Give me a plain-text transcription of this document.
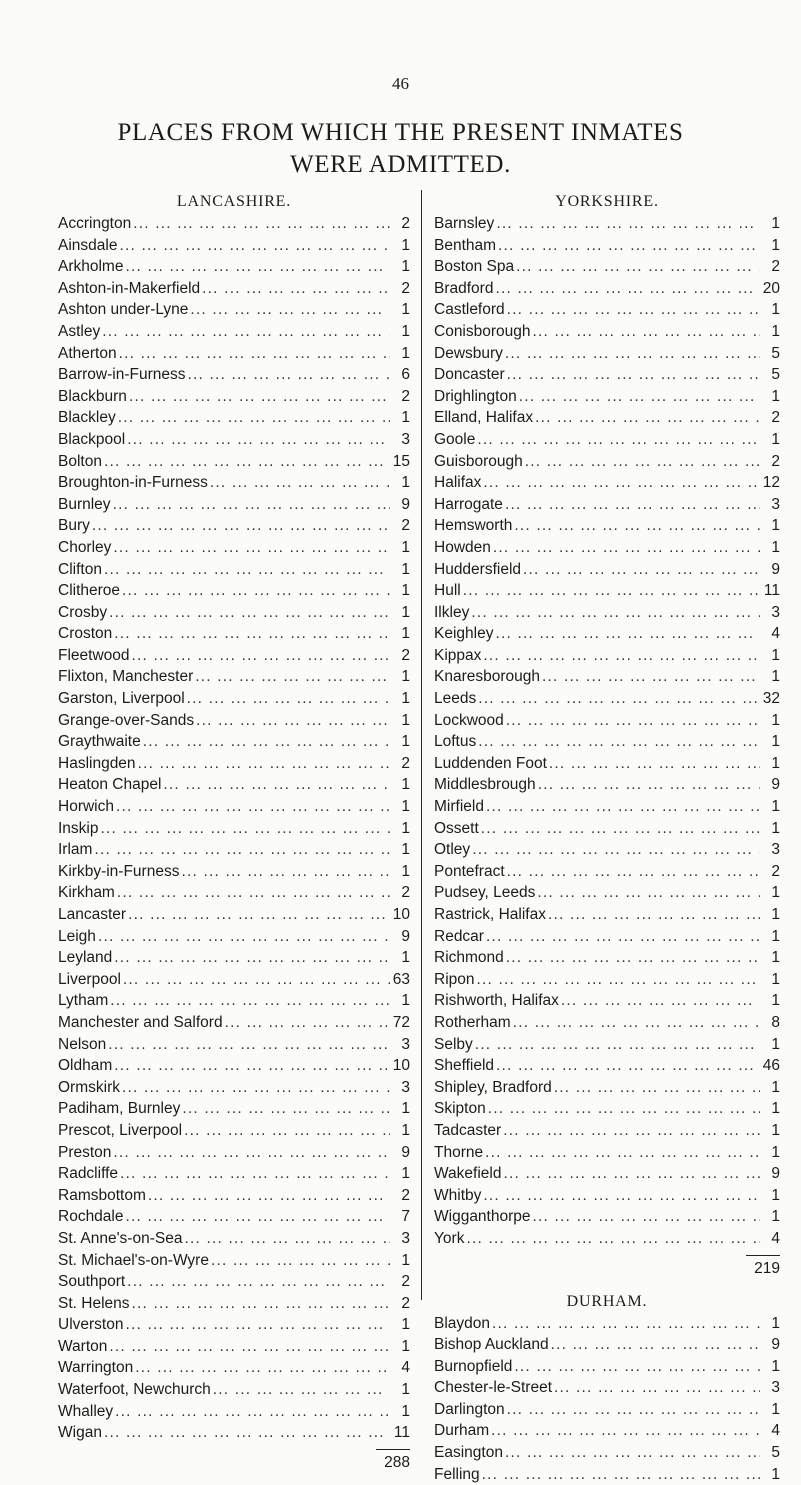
46
PLACES FROM WHICH THE PRESENT INMATES
WERE ADMITTED.
LANCASHIRE.
Accrington ... .	2
Ainsdale ... .	1
Arkholme ... .	1
Ashton-in-Makerfield ... .	2
Ashton under-Lyne ... .	1
Astley ... .	1
Atherton ... .	1
Barrow-in-Furness ... .	6
Blackburn ... .	2
Blackley ... .	1
Blackpool ... .	3
Bolton ... .	15
Broughton-in-Furness ... .	1
Burnley ... .	9
Bury ... .	2
Chorley ... .	1
Clifton ... .	1
Clitheroe ... .	1
Crosby ... .	1
Croston ... .	1
Fleetwood ... .	2
Flixton, Manchester ... .	1
Garston, Liverpool ... .	1
Grange-over-Sands ... .	1
Graythwaite ... .	1
Haslingden ... .	2
Heaton Chapel ... .	1
Horwich ... .	1
Inskip ... .	1
Irlam ... .	1
Kirkby-in-Furness ... .	1
Kirkham ... .	2
Lancaster ... .	10
Leigh ... .	9
Leyland ... .	1
Liverpool ... .	63
Lytham ... .	1
Manchester and Salford ... .	72
Nelson ... .	3
Oldham ... .	10
Ormskirk ... .	3
Padiham, Burnley ... .	1
Prescot, Liverpool ... .	1
Preston ... .	9
Radcliffe ... .	1
Ramsbottom ... .	2
Rochdale ... .	7
St. Anne's-on-Sea ... .	3
St. Michael's-on-Wyre ... .	1
Southport ... .	2
St. Helens ... .	2
Ulverston ... .	1
Warton ... .	1
Warrington ... .	4
Waterfoot, Newchurch ... .	1
Whalley ... .	1
Wigan ... .	11
288
YORKSHIRE.
Barnsley ... .	1
Bentham ... .	1
Boston Spa ... .	2
Bradford ... .	20
Castleford ... .	1
Conisborough ... .	1
Dewsbury ... .	5
Doncaster ... .	5
Drighlington ... .	1
Elland, Halifax ... .	2
Goole ... .	1
Guisborough ... .	2
Halifax ... .	12
Harrogate ... .	3
Hemsworth ... .	1
Howden ... .	1
Huddersfield ... .	9
Hull ... .	11
Ilkley ... .	3
Keighley ... .	4
Kippax ... .	1
Knaresborough ... .	1
Leeds ... .	32
Lockwood ... .	1
Loftus ... .	1
Luddenden Foot ... .	1
Middlesbrough ... .	9
Mirfield ... .	1
Ossett ... .	1
Otley ... .	3
Pontefract ... .	2
Pudsey, Leeds ... .	1
Rastrick, Halifax ... .	1
Redcar ... .	1
Richmond ... .	1
Ripon ... .	1
Rishworth, Halifax ... .	1
Rotherham ... .	8
Selby ... .	1
Sheffield ... .	46
Shipley, Bradford ... .	1
Skipton ... .	1
Tadcaster ... .	1
Thorne ... .	1
Wakefield ... .	9
Whitby ... .	1
Wigganthorpe ... .	1
York ... .	4
219
DURHAM.
Blaydon ... .	1
Bishop Auckland ... .	9
Burnopfield ... .	1
Chester-le-Street ... .	3
Darlington ... .	1
Durham ... .	4
Easington ... .	5
Felling ... .	1
